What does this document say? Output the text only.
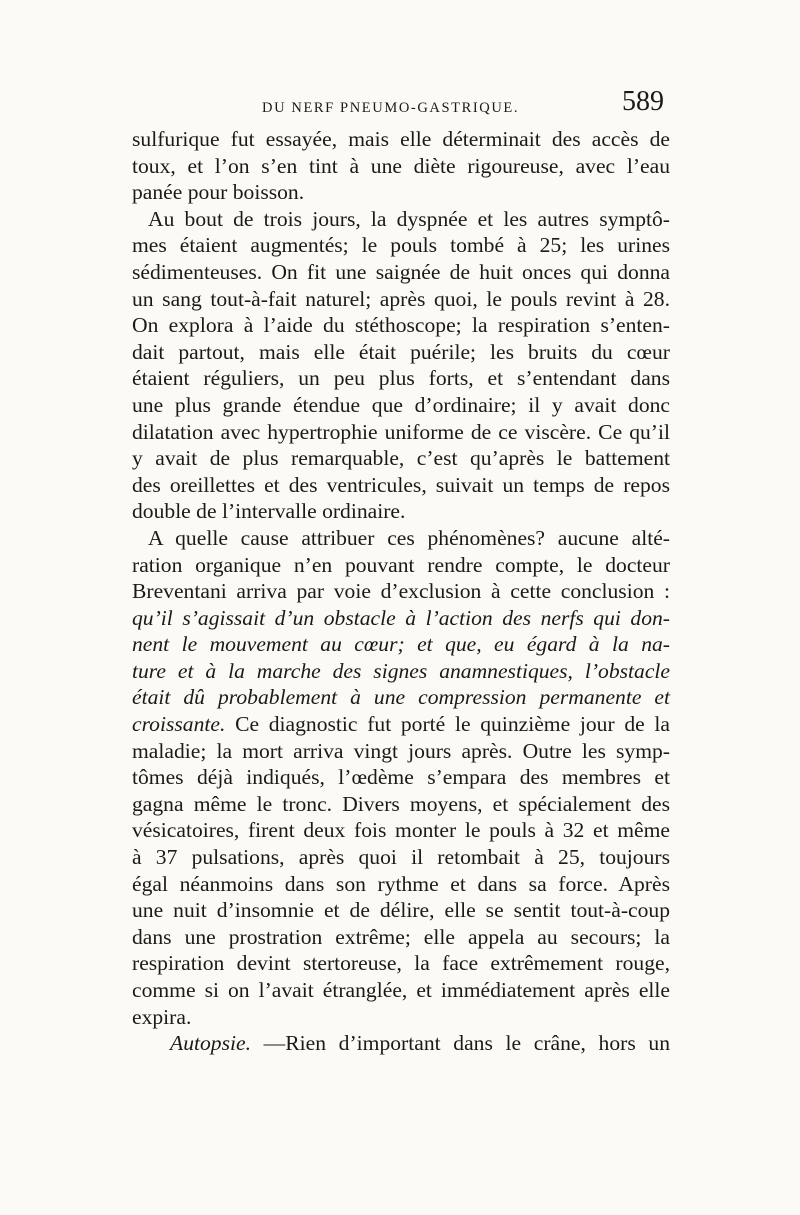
DU NERF PNEUMO-GASTRIQUE.	589
sulfurique fut essayée, mais elle déterminait des accès de
toux, et l’on s’en tint à une diète rigoureuse, avec l’eau
panée pour boisson.
Au bout de trois jours, la dyspnée et les autres symptô-
mes étaient augmentés; le pouls tombé à 25; les urines
sédimenteuses. On fit une saignée de huit onces qui donna
un sang tout-à-fait naturel; après quoi, le pouls revint à 28.
On explora à l’aide du stéthoscope; la respiration s’enten-
dait partout, mais elle était puérile; les bruits du cœur
étaient réguliers, un peu plus forts, et s’entendant dans
une plus grande étendue que d’ordinaire; il y avait donc
dilatation avec hypertrophie uniforme de ce viscère. Ce qu’il
y avait de plus remarquable, c’est qu’après le battement
des oreillettes et des ventricules, suivait un temps de repos
double de l’intervalle ordinaire.
A quelle cause attribuer ces phénomènes? aucune alté-
ration organique n’en pouvant rendre compte, le docteur
Breventani arriva par voie d’exclusion à cette conclusion :
qu’il s’agissait d’un obstacle à l’action des nerfs qui don-
nent le mouvement au cœur; et que, eu égard à la na-
ture et à la marche des signes anamnestiques, l’obstacle
était dû probablement à une compression permanente et
croissante. Ce diagnostic fut porté le quinzième jour de la
maladie; la mort arriva vingt jours après. Outre les symp-
tômes déjà indiqués, l’œdème s’empara des membres et
gagna même le tronc. Divers moyens, et spécialement des
vésicatoires, firent deux fois monter le pouls à 32 et même
à 37 pulsations, après quoi il retombait à 25, toujours
égal néanmoins dans son rythme et dans sa force. Après
une nuit d’insomnie et de délire, elle se sentit tout-à-coup
dans une prostration extrême; elle appela au secours; la
respiration devint stertoreuse, la face extrêmement rouge,
comme si on l’avait étranglée, et immédiatement après elle
expira.
Autopsie. —Rien d’important dans le crâne, hors un
